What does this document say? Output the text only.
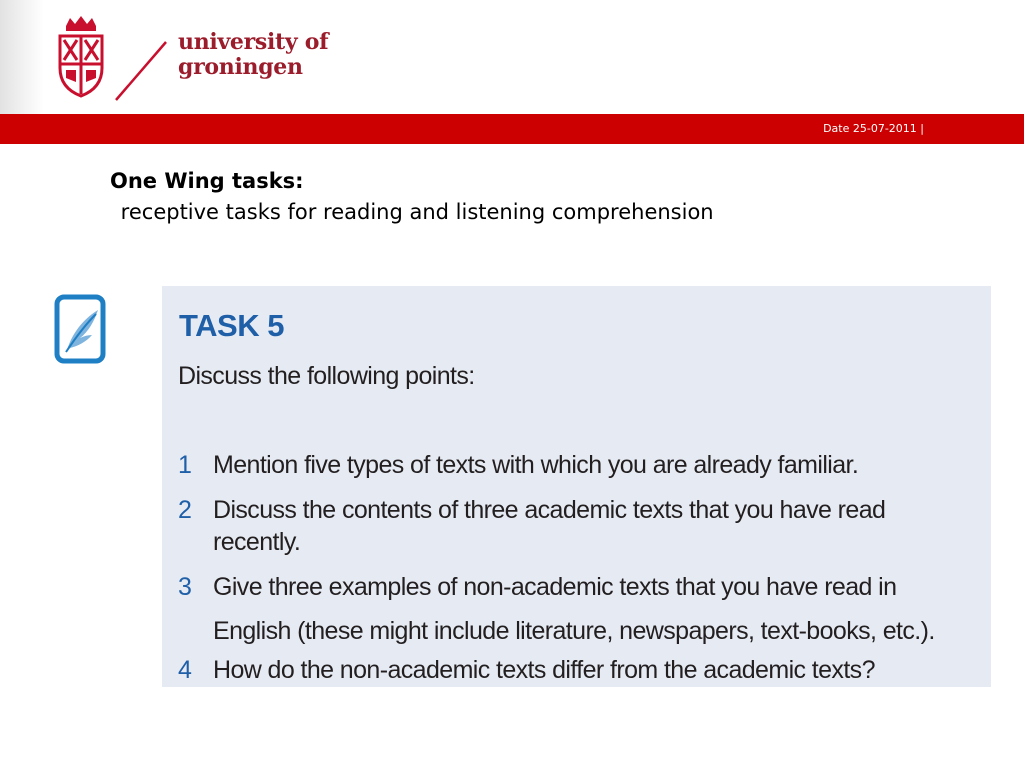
university of
groningen
Date 25-07-2011 |
One Wing tasks:
receptive tasks for reading and listening comprehension
TASK 5
Discuss the following points:
1 Mention five types of texts with which you are already familiar.
2 Discuss the contents of three academic texts that you have read recently.
3 Give three examples of non-academic texts that you have read in English (these might include literature, newspapers, text-books, etc.).
4 How do the non-academic texts differ from the academic texts?
